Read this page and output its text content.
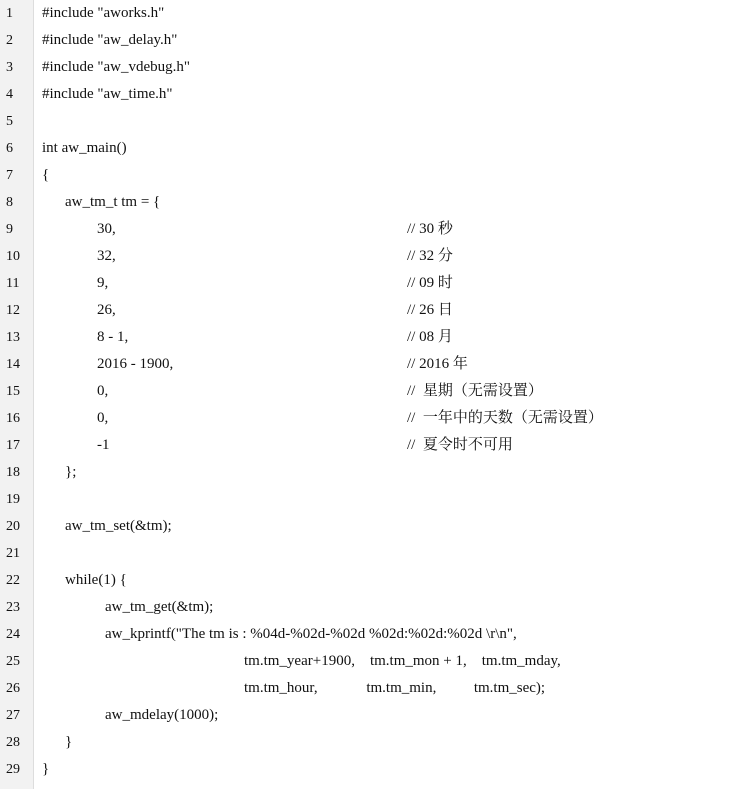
1	#include "aworks.h"
2	#include "aw_delay.h"
3	#include "aw_vdebug.h"
4	#include "aw_time.h"
5
6	int aw_main()
7	{
8	aw_tm_t tm = {
9	30,	// 30 秒
10	32,	// 32 分
11	9,	// 09 时
12	26,	// 26 日
13	8 - 1,	// 08 月
14	2016 - 1900,	// 2016 年
15	0,	//  星期（无需设置）
16	0,	//  一年中的天数（无需设置）
17	-1	//  夏令时不可用
18	};
19
20	aw_tm_set(&tm);
21
22	while(1) {
23	aw_tm_get(&tm);
24	aw_kprintf("The tm is : %04d-%02d-%02d %02d:%02d:%02d \r\n",
25	tm.tm_year+1900,    tm.tm_mon + 1,    tm.tm_mday,
26	tm.tm_hour,             tm.tm_min,          tm.tm_sec);
27	aw_mdelay(1000);
28	}
29	}
